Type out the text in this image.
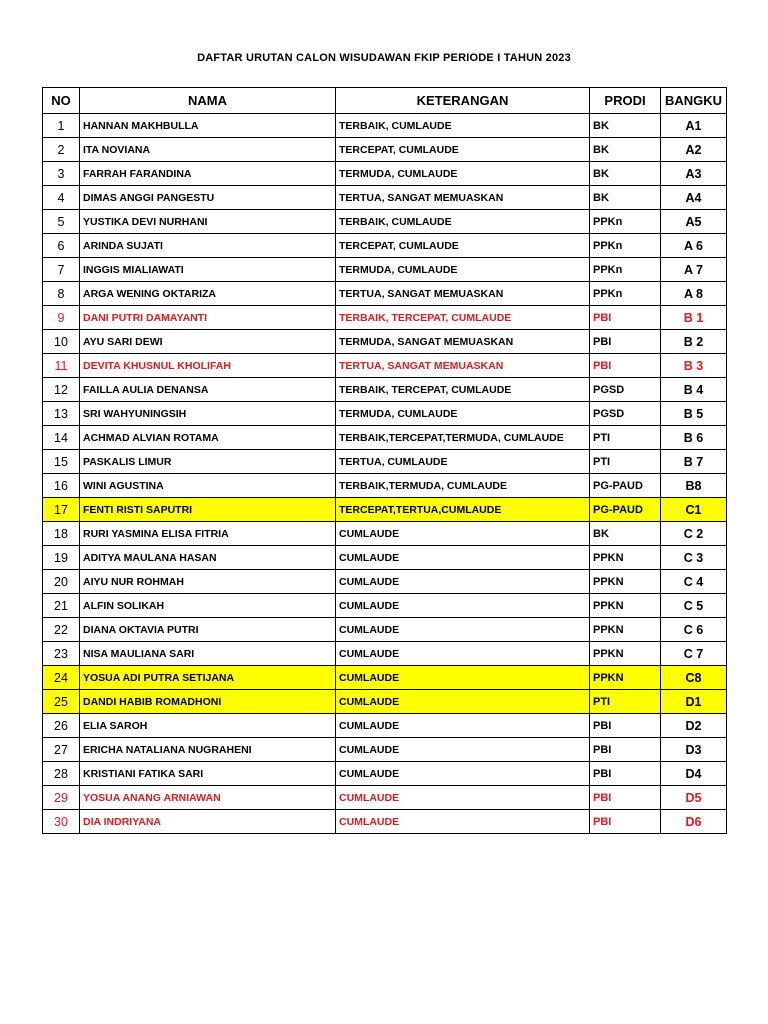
DAFTAR URUTAN CALON WISUDAWAN FKIP PERIODE I TAHUN 2023
NO	NAMA	KETERANGAN	PRODI	BANGKU
1	HANNAN MAKHBULLA	TERBAIK, CUMLAUDE	BK	A1
2	ITA NOVIANA	TERCEPAT, CUMLAUDE	BK	A2
3	FARRAH FARANDINA	TERMUDA, CUMLAUDE	BK	A3
4	DIMAS ANGGI PANGESTU	TERTUA, SANGAT MEMUASKAN	BK	A4
5	YUSTIKA DEVI NURHANI	TERBAIK, CUMLAUDE	PPKn	A5
6	ARINDA SUJATI	TERCEPAT, CUMLAUDE	PPKn	A 6
7	INGGIS MIALIAWATI	TERMUDA, CUMLAUDE	PPKn	A 7
8	ARGA WENING OKTARIZA	TERTUA, SANGAT MEMUASKAN	PPKn	A 8
9	DANI PUTRI DAMAYANTI	TERBAIK, TERCEPAT, CUMLAUDE	PBI	B 1
10	AYU SARI DEWI	TERMUDA, SANGAT MEMUASKAN	PBI	B 2
11	DEVITA KHUSNUL KHOLIFAH	TERTUA, SANGAT MEMUASKAN	PBI	B 3
12	FAILLA AULIA DENANSA	TERBAIK, TERCEPAT, CUMLAUDE	PGSD	B 4
13	SRI WAHYUNINGSIH	TERMUDA, CUMLAUDE	PGSD	B 5
14	ACHMAD ALVIAN ROTAMA	TERBAIK,TERCEPAT,TERMUDA, CUMLAUDE	PTI	B 6
15	PASKALIS LIMUR	TERTUA, CUMLAUDE	PTI	B 7
16	WINI AGUSTINA	TERBAIK,TERMUDA, CUMLAUDE	PG-PAUD	B8
17	FENTI RISTI SAPUTRI	TERCEPAT,TERTUA,CUMLAUDE	PG-PAUD	C1
18	RURI YASMINA ELISA FITRIA	CUMLAUDE	BK	C 2
19	ADITYA MAULANA HASAN	CUMLAUDE	PPKN	C 3
20	AIYU NUR ROHMAH	CUMLAUDE	PPKN	C 4
21	ALFIN SOLIKAH	CUMLAUDE	PPKN	C 5
22	DIANA OKTAVIA PUTRI	CUMLAUDE	PPKN	C 6
23	NISA MAULIANA SARI	CUMLAUDE	PPKN	C 7
24	YOSUA ADI PUTRA SETIJANA	CUMLAUDE	PPKN	C8
25	DANDI HABIB ROMADHONI	CUMLAUDE	PTI	D1
26	ELIA SAROH	CUMLAUDE	PBI	D2
27	ERICHA NATALIANA NUGRAHENI	CUMLAUDE	PBI	D3
28	KRISTIANI FATIKA SARI	CUMLAUDE	PBI	D4
29	YOSUA ANANG ARNIAWAN	CUMLAUDE	PBI	D5
30	DIA INDRIYANA	CUMLAUDE	PBI	D6
